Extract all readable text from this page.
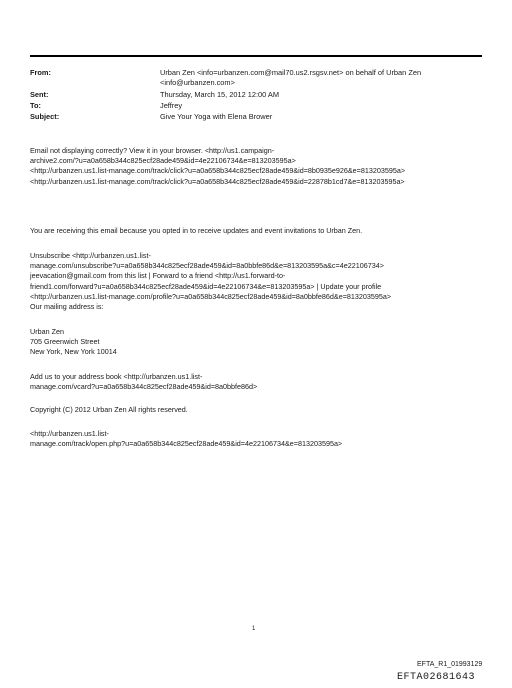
From:	Urban Zen <info=urbanzen.com@mail70.us2.rsgsv.net> on behalf of Urban Zen
<info@urbanzen.com>
Sent:	Thursday, March 15, 2012 12:00 AM
To:	Jeffrey
Subject:	Give Your Yoga with Elena Brower

Email not displaying correctly? View it in your browser. <http://us1.campaign-

archive2.com/?u=a0a658b344c825ecf28ade459&id=4e22106734&e=813203595a>

<http://urbanzen.us1.list-manage.com/track/click?u=a0a658b344c825ecf28ade459&id=8b0935e926&e=813203595a>

<http://urbanzen.us1.list-manage.com/track/click?u=a0a658b344c825ecf28ade459&id=22878b1cd7&e=813203595a>

You are receiving this email because you opted in to receive updates and event invitations to Urban Zen.

Unsubscribe <http://urbanzen.us1.list-

manage.com/unsubscribe?u=a0a658b344c825ecf28ade459&id=8a0bbfe86d&e=813203595a&c=4e22106734>

jeevacation@gmail.com from this list | Forward to a friend <http://us1.forward-to-

friend1.com/forward?u=a0a658b344c825ecf28ade459&id=4e22106734&e=813203595a> | Update your profile

<http://urbanzen.us1.list-manage.com/profile?u=a0a658b344c825ecf28ade459&id=8a0bbfe86d&e=813203595a>

Our mailing address is:

Urban Zen

705 Greenwich Street

New York, New York 10014

Add us to your address book <http://urbanzen.us1.list-

manage.com/vcard?u=a0a658b344c825ecf28ade459&id=8a0bbfe86d>

Copyright (C) 2012 Urban Zen All rights reserved.

<http://urbanzen.us1.list-

manage.com/track/open.php?u=a0a658b344c825ecf28ade459&id=4e22106734&e=813203595a>

1
EFTA_R1_01993129
EFTA02681643
